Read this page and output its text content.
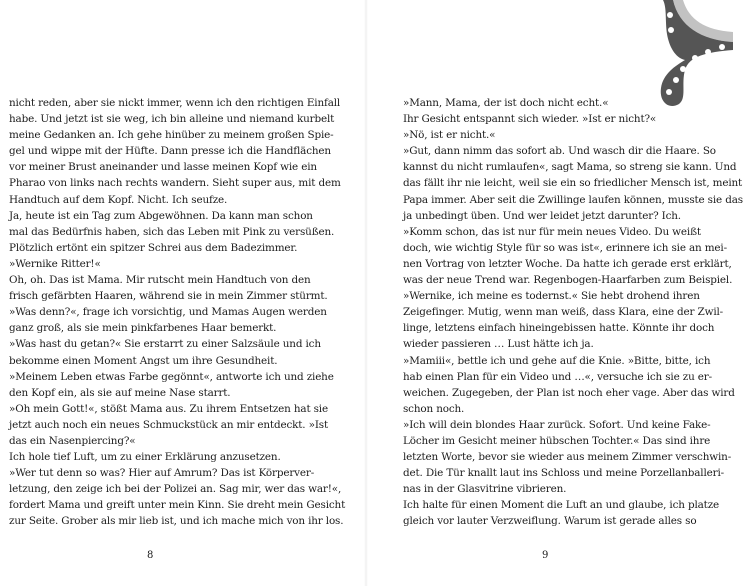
nicht reden, aber sie nickt immer, wenn ich den richtigen Einfall
habe. Und jetzt ist sie weg, ich bin alleine und niemand kurbelt
meine Gedanken an. Ich gehe hinüber zu meinem großen Spie-
gel und wippe mit der Hüfte. Dann presse ich die Handflächen
vor meiner Brust aneinander und lasse meinen Kopf wie ein
Pharao von links nach rechts wandern. Sieht super aus, mit dem
Handtuch auf dem Kopf. Nicht. Ich seufze.
Ja, heute ist ein Tag zum Abgewöhnen. Da kann man schon
mal das Bedürfnis haben, sich das Leben mit Pink zu versüßen.
Plötzlich ertönt ein spitzer Schrei aus dem Badezimmer.
»Wernike Ritter!«
Oh, oh. Das ist Mama. Mir rutscht mein Handtuch von den
frisch gefärbten Haaren, während sie in mein Zimmer stürmt.
»Was denn?«, frage ich vorsichtig, und Mamas Augen werden
ganz groß, als sie mein pinkfarbenes Haar bemerkt.
»Was hast du getan?« Sie erstarrt zu einer Salzsäule und ich
bekomme einen Moment Angst um ihre Gesundheit.
»Meinem Leben etwas Farbe gegönnt«, antworte ich und ziehe
den Kopf ein, als sie auf meine Nase starrt.
»Oh mein Gott!«, stößt Mama aus. Zu ihrem Entsetzen hat sie
jetzt auch noch ein neues Schmuckstück an mir entdeckt. »Ist
das ein Nasenpiercing?«
Ich hole tief Luft, um zu einer Erklärung anzusetzen.
»Wer tut denn so was? Hier auf Amrum? Das ist Körperver-
letzung, den zeige ich bei der Polizei an. Sag mir, wer das war!«,
fordert Mama und greift unter mein Kinn. Sie dreht mein Gesicht
zur Seite. Grober als mir lieb ist, und ich mache mich von ihr los.
8
»Mann, Mama, der ist doch nicht echt.«
Ihr Gesicht entspannt sich wieder. »Ist er nicht?«
»Nö, ist er nicht.«
»Gut, dann nimm das sofort ab. Und wasch dir die Haare. So
kannst du nicht rumlaufen«, sagt Mama, so streng sie kann. Und
das fällt ihr nie leicht, weil sie ein so friedlicher Mensch ist, meint
Papa immer. Aber seit die Zwillinge laufen können, musste sie das
ja unbedingt üben. Und wer leidet jetzt darunter? Ich.
»Komm schon, das ist nur für mein neues Video. Du weißt
doch, wie wichtig Style für so was ist«, erinnere ich sie an mei-
nen Vortrag von letzter Woche. Da hatte ich gerade erst erklärt,
was der neue Trend war. Regenbogen-Haarfarben zum Beispiel.
»Wernike, ich meine es todernst.« Sie hebt drohend ihren
Zeigefinger. Mutig, wenn man weiß, dass Klara, eine der Zwil-
linge, letztens einfach hineingebissen hatte. Könnte ihr doch
wieder passieren … Lust hätte ich ja.
»Mamiii«, bettle ich und gehe auf die Knie. »Bitte, bitte, ich
hab einen Plan für ein Video und …«, versuche ich sie zu er-
weichen. Zugegeben, der Plan ist noch eher vage. Aber das wird
schon noch.
»Ich will dein blondes Haar zurück. Sofort. Und keine Fake-
Löcher im Gesicht meiner hübschen Tochter.« Das sind ihre
letzten Worte, bevor sie wieder aus meinem Zimmer verschwin-
det. Die Tür knallt laut ins Schloss und meine Porzellanballeri-
nas in der Glasvitrine vibrieren.
Ich halte für einen Moment die Luft an und glaube, ich platze
gleich vor lauter Verzweiflung. Warum ist gerade alles so
9
